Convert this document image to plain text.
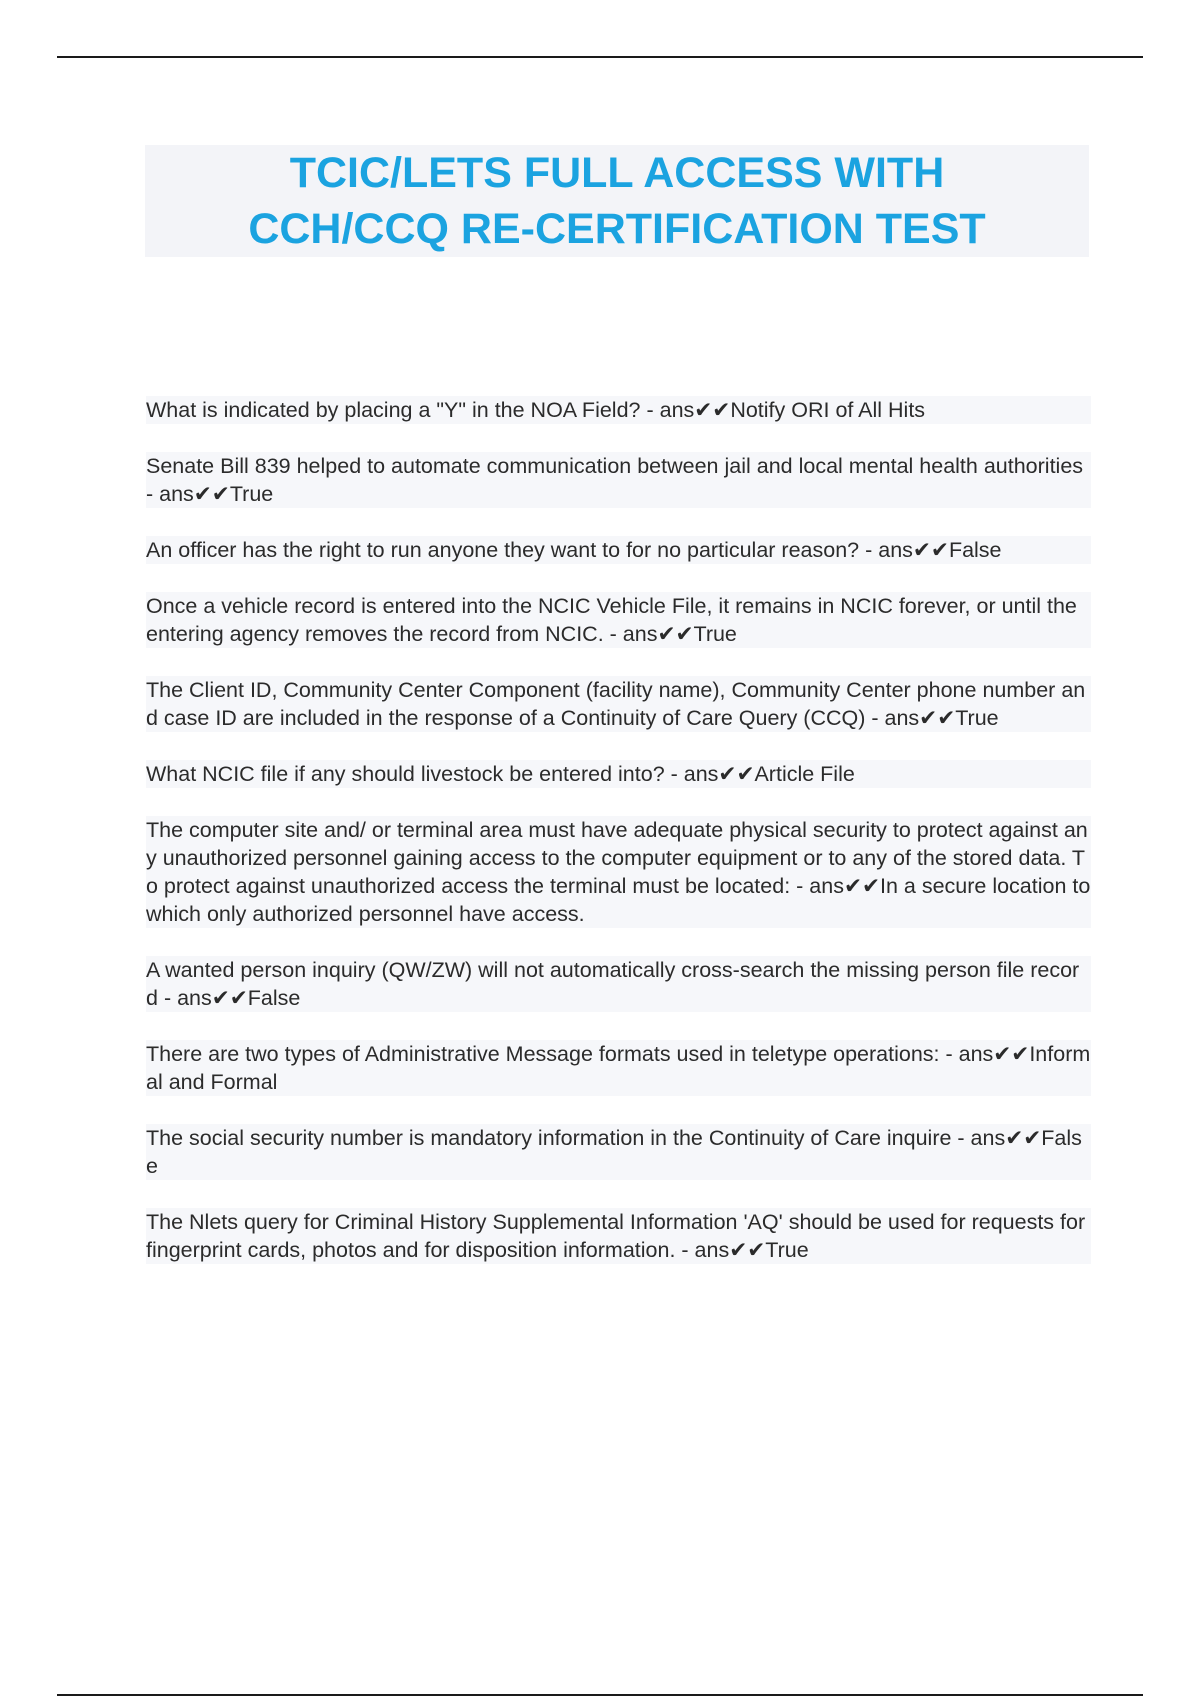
TCIC/LETS FULL ACCESS WITH
CCH/CCQ RE-CERTIFICATION TEST

What is indicated by placing a "Y" in the NOA Field? - ans✔✔Notify ORI of All Hits

Senate Bill 839 helped to automate communication between jail and local mental health authorities - ans✔✔True

An officer has the right to run anyone they want to for no particular reason? - ans✔✔False

Once a vehicle record is entered into the NCIC Vehicle File, it remains in NCIC forever, or until the entering agency removes the record from NCIC. - ans✔✔True

The Client ID, Community Center Component (facility name), Community Center phone number and case ID are included in the response of a Continuity of Care Query (CCQ) - ans✔✔True

What NCIC file if any should livestock be entered into? - ans✔✔Article File

The computer site and/ or terminal area must have adequate physical security to protect against any unauthorized personnel gaining access to the computer equipment or to any of the stored data. To protect against unauthorized access the terminal must be located: - ans✔✔In a secure location to which only authorized personnel have access.

A wanted person inquiry (QW/ZW) will not automatically cross-search the missing person file record - ans✔✔False

There are two types of Administrative Message formats used in teletype operations: - ans✔✔Informal and Formal

The social security number is mandatory information in the Continuity of Care inquire - ans✔✔False

The Nlets query for Criminal History Supplemental Information 'AQ' should be used for requests for fingerprint cards, photos and for disposition information. - ans✔✔True
